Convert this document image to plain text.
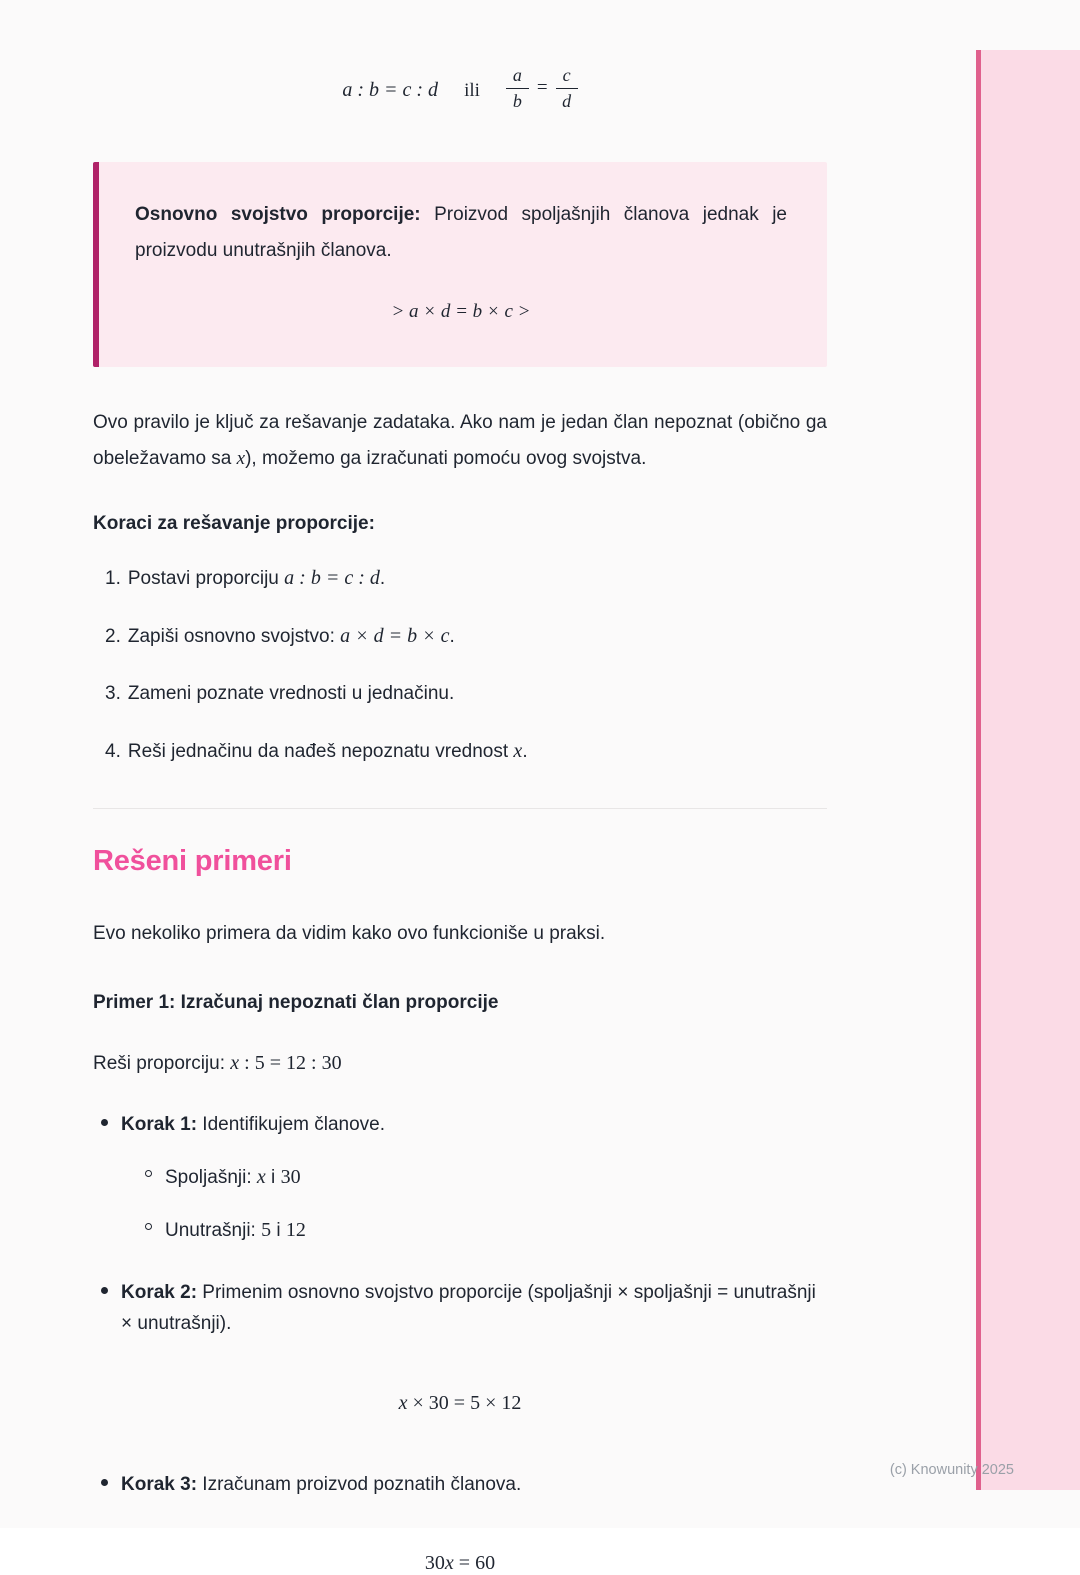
a : b = c : d ili $\frac{a}{b} = \frac{c}{d}$

Osnovno svojstvo proporcije: Proizvod spoljašnjih članova jednak je proizvodu unutrašnjih članova.

> a × d = b × c >

Ovo pravilo je ključ za rešavanje zadataka. Ako nam je jedan član nepoznat (obično ga obeležavamo sa x), možemo ga izračunati pomoću ovog svojstva.

Koraci za rešavanje proporcije:

1. Postavi proporciju a : b = c : d.
2. Zapiši osnovno svojstvo: a × d = b × c.
3. Zameni poznate vrednosti u jednačinu.
4. Reši jednačinu da nađeš nepoznatu vrednost x.
Rešeni primeri

Evo nekoliko primera da vidim kako ovo funkcioniše u praksi.

Primer 1: Izračunaj nepoznati član proporcije

Reši proporciju: x : 5 = 12 : 30

Korak 1: Identifikujem članove.
Spoljašnji: x i 30
Unutrašnji: 5 i 12
Korak 2: Primenim osnovno svojstvo proporcije (spoljašnji × spoljašnji = unutrašnji × unutrašnji).
x × 30 = 5 × 12
Korak 3: Izračunam proizvod poznatih članova.
30x = 60
(c) Knowunity 2025
